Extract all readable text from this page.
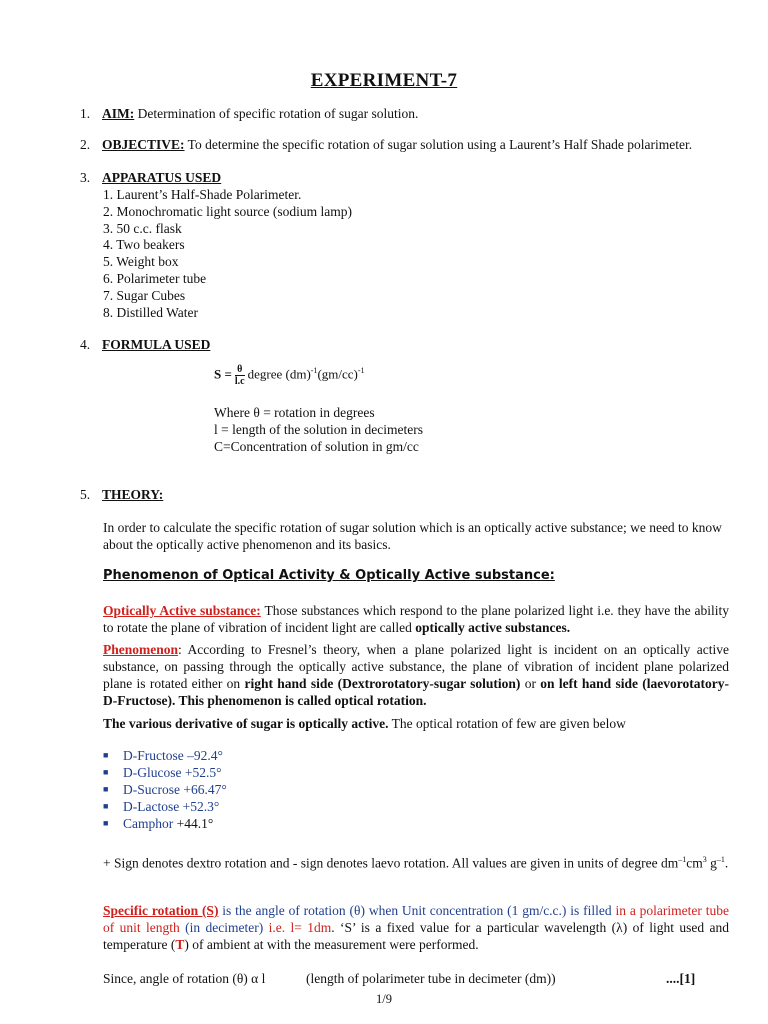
EXPERIMENT-7
1. AIM: Determination of specific rotation of sugar solution.
2. OBJECTIVE: To determine the specific rotation of sugar solution using a Laurent’s Half Shade polarimeter.
3. APPARATUS USED
1. Laurent’s Half-Shade Polarimeter.
2. Monochromatic light source (sodium lamp)
3. 50 c.c. flask
4. Two beakers
5. Weight box
6. Polarimeter tube
7. Sugar Cubes
8. Distilled Water
4. FORMULA USED
$S = \frac{\theta}{l.c}$ degree $(dm)^{-1}(gm/cc)^{-1}$
Where θ = rotation in degrees
l = length of the solution in decimeters
C=Concentration of solution in gm/cc
5. THEORY:
In order to calculate the specific rotation of sugar solution which is an optically active substance; we need to know about the optically active phenomenon and its basics.
Phenomenon of Optical Activity & Optically Active substance:
Optically Active substance: Those substances which respond to the plane polarized light i.e. they have the ability to rotate the plane of vibration of incident light are called optically active substances.
Phenomenon: According to Fresnel’s theory, when a plane polarized light is incident on an optically active substance, on passing through the optically active substance, the plane of vibration of incident plane polarized plane is rotated either on right hand side (Dextrorotatory-sugar solution) or on left hand side (laevorotatory- D-Fructose). This phenomenon is called optical rotation.
The various derivative of sugar is optically active. The optical rotation of few are given below
■ D-Fructose –92.4°
■ D-Glucose +52.5°
■ D-Sucrose +66.47°
■ D-Lactose +52.3°
■ Camphor +44.1°
+ Sign denotes dextro rotation and - sign denotes laevo rotation. All values are given in units of degree $dm^{-1}cm^3$ $g^{-1}$.
Specific rotation (S) is the angle of rotation (θ) when Unit concentration (1 gm/c.c.) is filled in a polarimeter tube of unit length (in decimeter) i.e. l= 1dm. ‘S’ is a fixed value for a particular wavelength (λ) of light used and temperature (T) of ambient at with the measurement were performed.
Since, angle of rotation (θ) α l	(length of polarimeter tube in decimeter (dm))	....[1]
1/9
